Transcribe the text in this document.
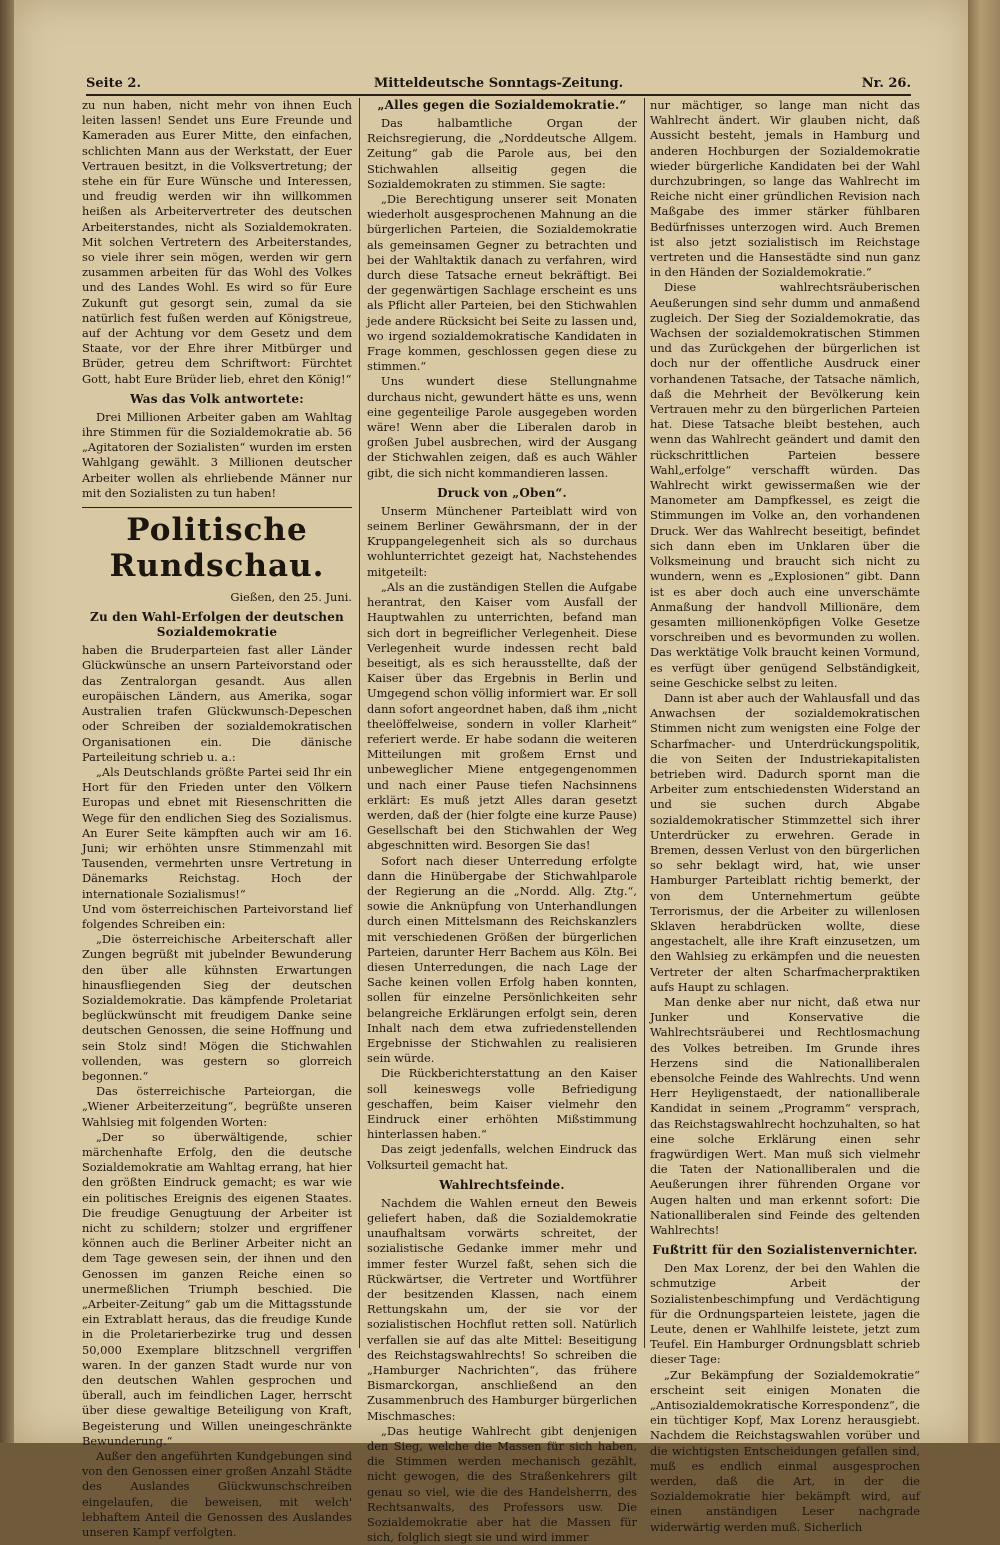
Seite 2.	Mitteldeutsche Sonntags-Zeitung.	Nr. 26.

zu nun haben, nicht mehr von ihnen Euch leiten lassen! Sendet uns Eure Freunde und Kameraden aus Eurer Mitte, den einfachen, schlichten Mann aus der Werkstatt, der Euer Vertrauen besitzt, in die Volksvertretung; der stehe ein für Eure Wünsche und Interessen, und freudig werden wir ihn willkommen heißen als Arbeitervertreter des deutschen Arbeiterstandes, nicht als Sozialdemokraten. Mit solchen Vertretern des Arbeiterstandes, so viele ihrer sein mögen, werden wir gern zusammen arbeiten für das Wohl des Volkes und des Landes Wohl. Es wird so für Eure Zukunft gut gesorgt sein, zumal da sie natürlich fest fußen werden auf Königstreue, auf der Achtung vor dem Gesetz und dem Staate, vor der Ehre ihrer Mitbürger und Brüder, getreu dem Schriftwort: Fürchtet Gott, habt Eure Brüder lieb, ehret den König!“

Was das Volk antwortete:

Drei Millionen Arbeiter gaben am Wahltag ihre Stimmen für die Sozialdemokratie ab. 56 „Agitatoren der Sozialisten“ wurden im ersten Wahlgang gewählt. 3 Millionen deutscher Arbeiter wollen als ehrliebende Männer nur mit den Sozialisten zu tun haben!

Politische Rundschau.

Gießen, den 25. Juni.

Zu den Wahl-Erfolgen der deutschen Sozialdemokratie

haben die Bruderparteien fast aller Länder Glückwünsche an unsern Parteivorstand oder das Zentralorgan gesandt. Aus allen europäischen Ländern, aus Amerika, sogar Australien trafen Glückwunsch-Depeschen oder Schreiben der sozialdemokratischen Organisationen ein. Die dänische Parteileitung schrieb u. a.:

„Als Deutschlands größte Partei seid Ihr ein Hort für den Frieden unter den Völkern Europas und ebnet mit Riesenschritten die Wege für den endlichen Sieg des Sozialismus. An Eurer Seite kämpften auch wir am 16. Juni; wir erhöhten unsre Stimmenzahl mit Tausenden, vermehrten unsre Vertretung in Dänemarks Reichstag. Hoch der internationale Sozialismus!“

Und vom österreichischen Parteivorstand lief folgendes Schreiben ein:

„Die österreichische Arbeiterschaft aller Zungen begrüßt mit jubelnder Bewunderung den über alle kühnsten Erwartungen hinausfliegenden Sieg der deutschen Sozialdemokratie. Das kämpfende Proletariat beglückwünscht mit freudigem Danke seine deutschen Genossen, die seine Hoffnung und sein Stolz sind! Mögen die Stichwahlen vollenden, was gestern so glorreich begonnen.“

Das österreichische Parteiorgan, die „Wiener Arbeiterzeitung“, begrüßte unseren Wahlsieg mit folgenden Worten:

„Der so überwältigende, schier märchenhafte Erfolg, den die deutsche Sozialdemokratie am Wahltag errang, hat hier den größten Eindruck gemacht; es war wie ein politisches Ereignis des eigenen Staates. Die freudige Genugtuung der Arbeiter ist nicht zu schildern; stolzer und ergriffener können auch die Berliner Arbeiter nicht an dem Tage gewesen sein, der ihnen und den Genossen im ganzen Reiche einen so unermeßlichen Triumph beschied. Die „Arbeiter-Zeitung“ gab um die Mittagsstunde ein Extrablatt heraus, das die freudige Kunde in die Proletarierbezirke trug und dessen 50,000 Exemplare blitzschnell vergriffen waren. In der ganzen Stadt wurde nur von den deutschen Wahlen gesprochen und überall, auch im feindlichen Lager, herrscht über diese gewaltige Beteiligung von Kraft, Begeisterung und Willen uneingeschränkte Bewunderung.“

Außer den angeführten Kundgebungen sind von den Genossen einer großen Anzahl Städte des Auslandes Glückwunschschreiben eingelaufen, die beweisen, mit welch' lebhaftem Anteil die Genossen des Auslandes unseren Kampf verfolgten.

„Alles gegen die Sozialdemokratie.“

Das halbamtliche Organ der Reichsregierung, die „Norddeutsche Allgem. Zeitung“ gab die Parole aus, bei den Stichwahlen allseitig gegen die Sozialdemokraten zu stimmen. Sie sagte:

„Die Berechtigung unserer seit Monaten wiederholt ausgesprochenen Mahnung an die bürgerlichen Parteien, die Sozialdemokratie als gemeinsamen Gegner zu betrachten und bei der Wahltaktik danach zu verfahren, wird durch diese Tatsache erneut bekräftigt. Bei der gegenwärtigen Sachlage erscheint es uns als Pflicht aller Parteien, bei den Stichwahlen jede andere Rücksicht bei Seite zu lassen und, wo irgend sozialdemokratische Kandidaten in Frage kommen, geschlossen gegen diese zu stimmen.“

Uns wundert diese Stellungnahme durchaus nicht, gewundert hätte es uns, wenn eine gegenteilige Parole ausgegeben worden wäre! Wenn aber die Liberalen darob in großen Jubel ausbrechen, wird der Ausgang der Stichwahlen zeigen, daß es auch Wähler gibt, die sich nicht kommandieren lassen.

Druck von „Oben“.

Unserm Münchener Parteiblatt wird von seinem Berliner Gewährsmann, der in der Kruppangelegenheit sich als so durchaus wohlunterrichtet gezeigt hat, Nachstehendes mitgeteilt:

„Als an die zuständigen Stellen die Aufgabe herantrat, den Kaiser vom Ausfall der Hauptwahlen zu unterrichten, befand man sich dort in begreiflicher Verlegenheit. Diese Verlegenheit wurde indessen recht bald beseitigt, als es sich herausstellte, daß der Kaiser über das Ergebnis in Berlin und Umgegend schon völlig informiert war. Er soll dann sofort angeordnet haben, daß ihm „nicht theelöffelweise, sondern in voller Klarheit“ referiert werde. Er habe sodann die weiteren Mitteilungen mit großem Ernst und unbeweglicher Miene entgegengenommen und nach einer Pause tiefen Nachsinnens erklärt: Es muß jetzt Alles daran gesetzt werden, daß der (hier folgte eine kurze Pause) Gesellschaft bei den Stichwahlen der Weg abgeschnitten wird. Besorgen Sie das!

Sofort nach dieser Unterredung erfolgte dann die Hinübergabe der Stichwahlparole der Regierung an die „Nordd. Allg. Ztg.“, sowie die Anknüpfung von Unterhandlungen durch einen Mittelsmann des Reichskanzlers mit verschiedenen Größen der bürgerlichen Parteien, darunter Herr Bachem aus Köln. Bei diesen Unterredungen, die nach Lage der Sache keinen vollen Erfolg haben konnten, sollen für einzelne Persönlichkeiten sehr belangreiche Erklärungen erfolgt sein, deren Inhalt nach dem etwa zufriedenstellenden Ergebnisse der Stichwahlen zu realisieren sein würde.

Die Rückberichterstattung an den Kaiser soll keineswegs volle Befriedigung geschaffen, beim Kaiser vielmehr den Eindruck einer erhöhten Mißstimmung hinterlassen haben.“

Das zeigt jedenfalls, welchen Eindruck das Volksurteil gemacht hat.

Wahlrechtsfeinde.

Nachdem die Wahlen erneut den Beweis geliefert haben, daß die Sozialdemokratie unaufhaltsam vorwärts schreitet, der sozialistische Gedanke immer mehr und immer fester Wurzel faßt, sehen sich die Rückwärtser, die Vertreter und Wortführer der besitzenden Klassen, nach einem Rettungskahn um, der sie vor der sozialistischen Hochflut retten soll. Natürlich verfallen sie auf das alte Mittel: Beseitigung des Reichstagswahlrechts! So schreiben die „Hamburger Nachrichten“, das frühere Bismarckorgan, anschließend an den Zusammenbruch des Hamburger bürgerlichen Mischmasches:

„Das heutige Wahlrecht gibt denjenigen den Sieg, welche die Massen für sich haben, die Stimmen werden mechanisch gezählt, nicht gewogen, die des Straßenkehrers gilt genau so viel, wie die des Handelsherrn, des Rechtsanwalts, des Professors usw. Die Sozialdemokratie aber hat die Massen für sich, folglich siegt sie und wird immer

nur mächtiger, so lange man nicht das Wahlrecht ändert. Wir glauben nicht, daß Aussicht besteht, jemals in Hamburg und anderen Hochburgen der Sozialdemokratie wieder bürgerliche Kandidaten bei der Wahl durchzubringen, so lange das Wahlrecht im Reiche nicht einer gründlichen Revision nach Maßgabe des immer stärker fühlbaren Bedürfnisses unterzogen wird. Auch Bremen ist also jetzt sozialistisch im Reichstage vertreten und die Hansestädte sind nun ganz in den Händen der Sozialdemokratie.“

Diese wahlrechtsräuberischen Aeußerungen sind sehr dumm und anmaßend zugleich. Der Sieg der Sozialdemokratie, das Wachsen der sozialdemokratischen Stimmen und das Zurückgehen der bürgerlichen ist doch nur der offentliche Ausdruck einer vorhandenen Tatsache, der Tatsache nämlich, daß die Mehrheit der Bevölkerung kein Vertrauen mehr zu den bürgerlichen Parteien hat. Diese Tatsache bleibt bestehen, auch wenn das Wahlrecht geändert und damit den rückschrittlichen Parteien bessere Wahl„erfolge“ verschafft würden. Das Wahlrecht wirkt gewissermaßen wie der Manometer am Dampfkessel, es zeigt die Stimmungen im Volke an, den vorhandenen Druck. Wer das Wahlrecht beseitigt, befindet sich dann eben im Unklaren über die Volksmeinung und braucht sich nicht zu wundern, wenn es „Explosionen“ gibt. Dann ist es aber doch auch eine unverschämte Anmaßung der handvoll Millionäre, dem gesamten millionenköpfigen Volke Gesetze vorschreiben und es bevormunden zu wollen. Das werktätige Volk braucht keinen Vormund, es verfügt über genügend Selbständigkeit, seine Geschicke selbst zu leiten.

Dann ist aber auch der Wahlausfall und das Anwachsen der sozialdemokratischen Stimmen nicht zum wenigsten eine Folge der Scharfmacher- und Unterdrückungspolitik, die von Seiten der Industriekapitalisten betrieben wird. Dadurch spornt man die Arbeiter zum entschiedensten Widerstand an und sie suchen durch Abgabe sozialdemokratischer Stimmzettel sich ihrer Unterdrücker zu erwehren. Gerade in Bremen, dessen Verlust von den bürgerlichen so sehr beklagt wird, hat, wie unser Hamburger Parteiblatt richtig bemerkt, der von dem Unternehmertum geübte Terrorismus, der die Arbeiter zu willenlosen Sklaven herabdrücken wollte, diese angestachelt, alle ihre Kraft einzusetzen, um den Wahlsieg zu erkämpfen und die neuesten Vertreter der alten Scharfmacherpraktiken aufs Haupt zu schlagen.

Man denke aber nur nicht, daß etwa nur Junker und Konservative die Wahlrechtsräuberei und Rechtlosmachung des Volkes betreiben. Im Grunde ihres Herzens sind die Nationalliberalen ebensolche Feinde des Wahlrechts. Und wenn Herr Heyligenstaedt, der nationalliberale Kandidat in seinem „Programm“ versprach, das Reichstagswahlrecht hochzuhalten, so hat eine solche Erklärung einen sehr fragwürdigen Wert. Man muß sich vielmehr die Taten der Nationalliberalen und die Aeußerungen ihrer führenden Organe vor Augen halten und man erkennt sofort: Die Nationalliberalen sind Feinde des geltenden Wahlrechts!

Fußtritt für den Sozialistenvernichter.

Den Max Lorenz, der bei den Wahlen die schmutzige Arbeit der Sozialistenbeschimpfung und Verdächtigung für die Ordnungsparteien leistete, jagen die Leute, denen er Wahlhilfe leistete, jetzt zum Teufel. Ein Hamburger Ordnungsblatt schrieb dieser Tage:

„Zur Bekämpfung der Sozialdemokratie“ erscheint seit einigen Monaten die „Antisozialdemokratische Korrespondenz“, die ein tüchtiger Kopf, Max Lorenz herausgiebt. Nachdem die Reichstagswahlen vorüber und die wichtigsten Entscheidungen gefallen sind, muß es endlich einmal ausgesprochen werden, daß die Art, in der die Sozialdemokratie hier bekämpft wird, auf einen anständigen Leser nachgrade widerwärtig werden muß. Sicherlich
